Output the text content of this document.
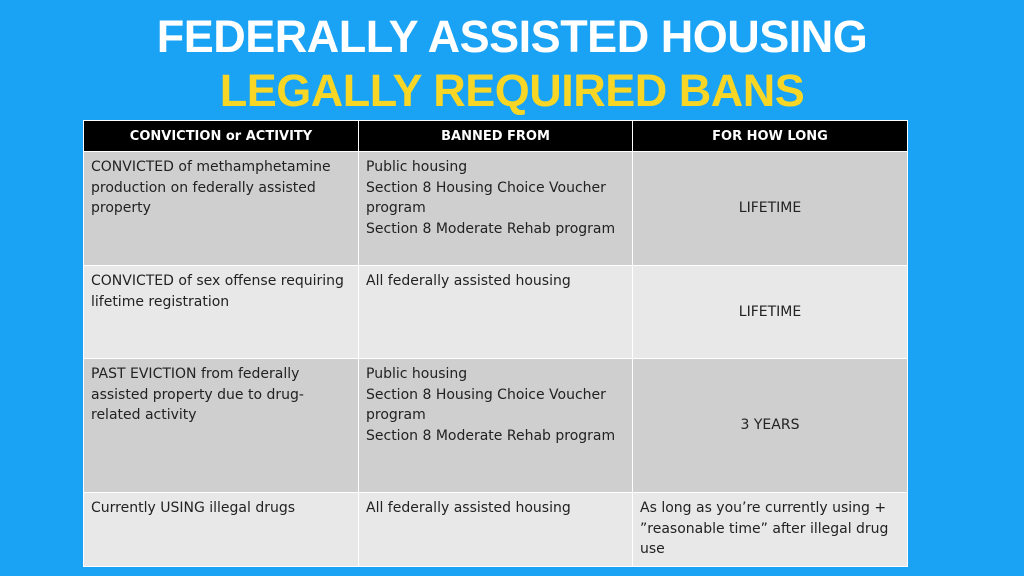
FEDERALLY ASSISTED HOUSING
LEGALLY REQUIRED BANS
CONVICTION or ACTIVITY	BANNED FROM	FOR HOW LONG
CONVICTED of methamphetamine production on federally assisted property	Public housing
Section 8 Housing Choice Voucher program
Section 8 Moderate Rehab program	LIFETIME
CONVICTED of sex offense requiring lifetime registration	All federally assisted housing	LIFETIME
PAST EVICTION from federally assisted property due to drug-related activity	Public housing
Section 8 Housing Choice Voucher program
Section 8 Moderate Rehab program	3 YEARS
Currently USING illegal drugs	All federally assisted housing	As long as you’re currently using + ”reasonable time” after illegal drug use
